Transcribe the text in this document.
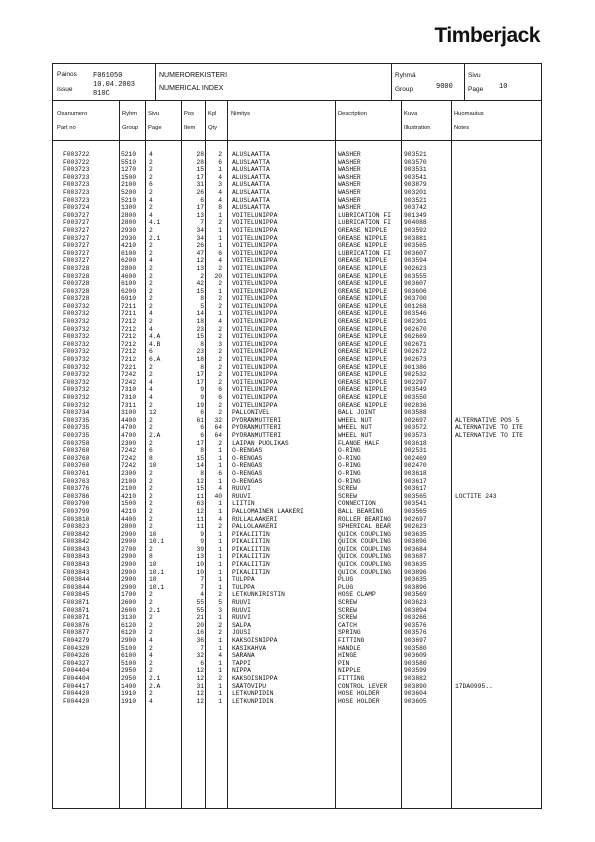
Timberjack
Painos F061050
Issue
10.04.2003
810C
NUMEROREKISTERI
NUMERICAL INDEX
Ryhmä
Group	9000
Sivu
Page 10
Osanumero
Part no
Ryhm
Group
Sivu
Page
Pos
Item
Kpl
Qty
Nimitys	Description	Kuva
Illustration
Huomautus
Notes
F003722	5210 4	28 2 ALUSLAATTA	WASHER	903521
F003722	5510 2	28 6 ALUSLAATTA	WASHER	903570
F003723	1270 2	15 1 ALUSLAATTA	WASHER	903531
F003723	1500 2	17 4 ALUSLAATTA	WASHER	903541
F003723	2100 6	31 3 ALUSLAATTA	WASHER	903879
F003723	5200 2	26 4 ALUSLAATTA	WASHER	903201
F003723	5210 4	6 4 ALUSLAATTA	WASHER	903521
F003724	1300 2	17 8 ALUSLAATTA	WASHER	903742
F003727	2800 4	13 1 VOITELUNIPPA	LUBRICATION FI 901349
F003727	2800 4.1	7 2 VOITELUNIPPA	LUBRICATION FI 904088
F003727	2930 2	34 1 VOITELUNIPPA	GREASE NIPPLE	903592
F003727	2930 2.1	34 1 VOITELUNIPPA	GREASE NIPPLE	903881
F003727	4210 2	26 1 VOITELUNIPPA	GREASE NIPPLE	903565
F003727	6100 2	47 6 VOITELUNIPPA	LUBRICATION FI 903607
F003727	6200 4	12 4 VOITELUNIPPA	GREASE NIPPLE	903594
F003728	2800 2	13 2 VOITELUNIPPA	GREASE NIPPLE	902623
F003728	4600 2	2 20 VOITELUNIPPA	GREASE NIPPLE	903555
F003728	6100 2	42 2 VOITELUNIPPA	GREASE NIPPLE	903607
F003728	6200 2	15 1 VOITELUNIPPA	GREASE NIPPLE	903606
F003728	6910 2	8 2 VOITELUNIPPA	GREASE NIPPLE	903700
F003732	7211 2	5 2 VOITELUNIPPA	GREASE NIPPLE	901268
F003732	7211 4	14 1 VOITELUNIPPA	GREASE NIPPLE	903546
F003732	7212 2	18 4 VOITELUNIPPA	GREASE NIPPLE	902301
F003732	7212 4	23 2 VOITELUNIPPA	GREASE NIPPLE	902670
F003732	7212 4.A	15 2 VOITELUNIPPA	GREASE NIPPLE	902669
F003732	7212 4.B	8 3 VOITELUNIPPA	GREASE NIPPLE	902671
F003732	7212 6	23 2 VOITELUNIPPA	GREASE NIPPLE	902672
F003732	7212 6.A	18 2 VOITELUNIPPA	GREASE NIPPLE	902673
F003732	7221 2	8 2 VOITELUNIPPA	GREASE NIPPLE	901386
F003732	7242 2	17 2 VOITELUNIPPA	GREASE NIPPLE	902532
F003732	7242 4	17 2 VOITELUNIPPA	GREASE NIPPLE	902297
F003732	7310 4	9 6 VOITELUNIPPA	GREASE NIPPLE	903549
F003732	7310 4	9 6 VOITELUNIPPA	GREASE NIPPLE	903550
F003732	7311 2	19 2 VOITELUNIPPA	GREASE NIPPLE	902836
F003734	3100 12	6 2 PALLONIVEL	BALL JOINT	903588
F003735	4400 2	61 32 PYÖRÄNMUTTERI	WHEEL NUT	902697	ALTERNATIVE POS 5
F003735	4700 2	6 64 PYÖRÄNMUTTERI	WHEEL NUT	903572	ALTERNATIVE TO ITE
F003735	4700 2.A	6 64 PYÖRÄNMUTTERI	WHEEL NUT	903573	ALTERNATIVE TO ITE
F003758	2300 2	17 2 LAIPAN PUOLIKAS	FLANGE HALF	903618
F003760	7242 6	8 1 O-RENGAS	O-RING	902531
F003760	7242 8	15 1 O-RENGAS	O-RING	902469
F003760	7242 10	14 1 O-RENGAS	O-RING	902470
F003761	2300 2	8 6 O-RENGAS	O-RING	903618
F003763	2100 2	12 1 O-RENGAS	O-RING	903617
F003776	2100 2	15 4 RUUVI	SCREW	903617
F003786	4210 2	11 40 RUUVI	SCREW	903565	LOCTITE 243
F003790	1500 2	63 1 LIITIN	CONNECTION	903541
F003799	4210 2	12 1 PALLOMAINEN LAAKERI	BALL BEARING	903565
F003810	4400 2	11 4 RULLALAAKERI	ROLLER BEARING 902697
F003823	2800 2	11 2 PALLOLAAKERI	SPHERICAL BEAR 902623
F003842	2900 10	9 1 PIKALIITIN	QUICK COUPLING 903635
F003842	2900 10.1	9 1 PIKALIITIN	QUICK COUPLING 903896
F003843	2700 2	39 1 PIKALIITIN	QUICK COUPLING 903684
F003843	2900 8	13 1 PIKALIITIN	QUICK COUPLING 903687
F003843	2900 10	10 1 PIKALIITIN	QUICK COUPLING 903635
F003843	2900 10.1	10 1 PIKALIITIN	QUICK COUPLING 903896
F003844	2900 10	7 1 TULPPA	PLUG	903635
F003844	2900 10.1	7 1 TULPPA	PLUG	903896
F003845	1700 2	4 2 LETKUNKIRISTIN	HOSE CLAMP	903569
F003871	2600 2	55 5 RUUVI	SCREW	903623
F003871	2600 2.1	55 3 RUUVI	SCREW	903894
F003871	3130 2	21 1 RUUVI	SCREW	903266
F003876	6120 2	20 2 SALPA	CATCH	903576
F003877	6120 2	16 2 JOUSI	SPRING	903576
F004279	2900 4	36 1 KAKSOISNIPPA	FITTING	903697
F004320	5100 2	7 1 KÄSIKAHVA	HANDLE	903580
F004326	6100 4	32 4 SARANA	HINGE	903609
F004327	5100 2	6 1 TAPPI	PIN	903580
F004404	2950 2	12 1 NIPPA	NIPPLE	903599
F004404	2950 2.1	12 2 KAKSOISNIPPA	FITTING	903882
F004417	1400 2.A	31 1 SÄÄTÖVIPU	CONTROL LEVER	903890	17DA0995..
F004420	1910 2	12 1 LETKUNPIDIN	HOSE HOLDER	903604
F004420	1910 4	12 1 LETKUNPIDIN	HOSE HOLDER	903605
